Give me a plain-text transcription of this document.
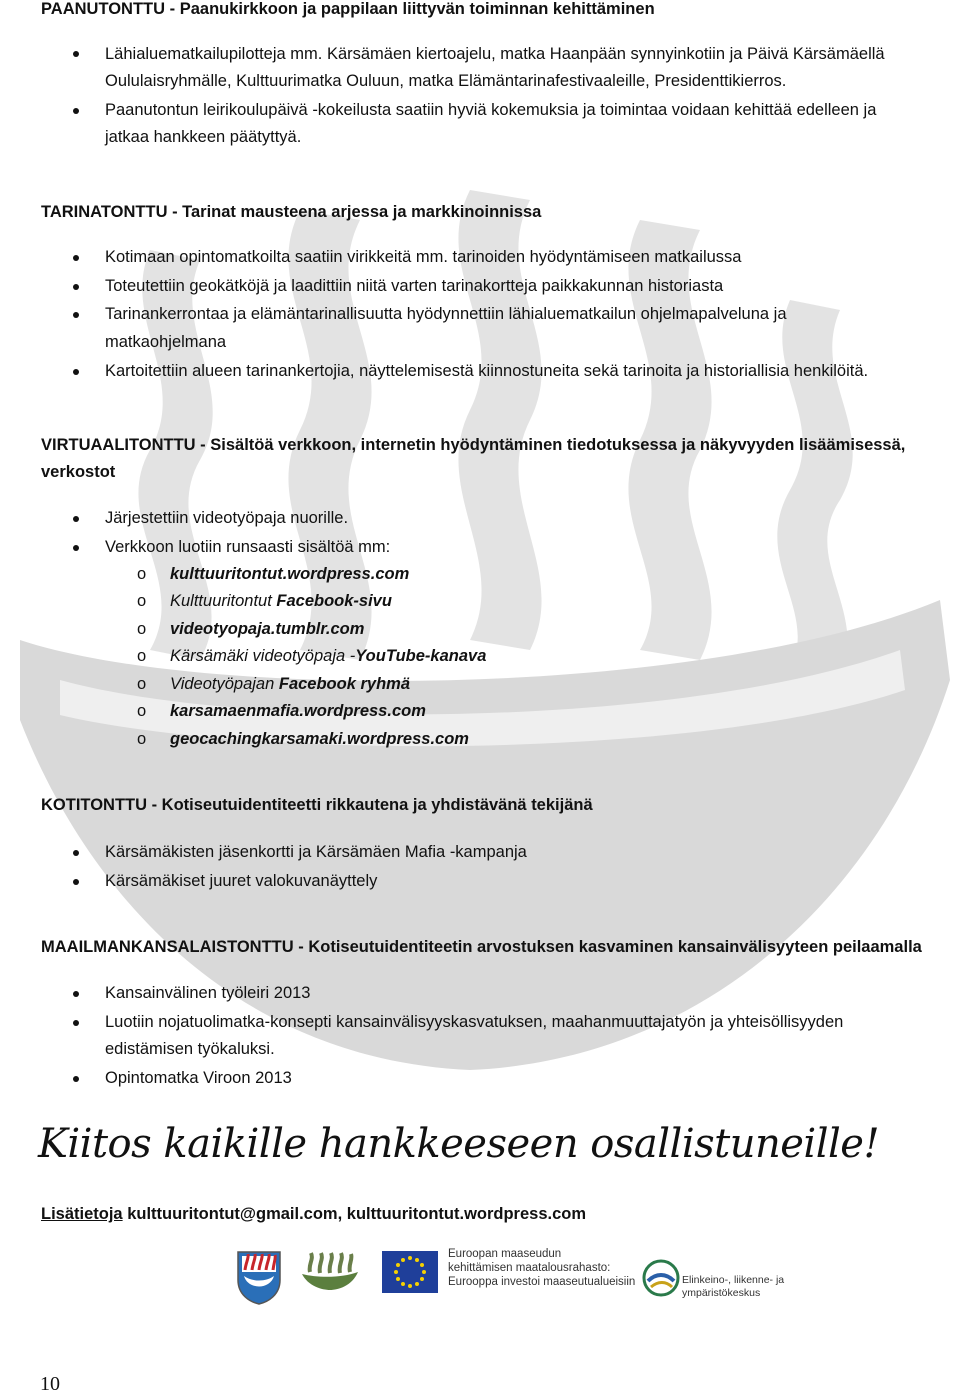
PAANUTONTTU - Paanukirkkoon ja pappilaan liittyvän toiminnan kehittäminen
Lähialuematkailupilotteja mm. Kärsämäen kiertoajelu, matka Haanpään synnyinkotiin ja Päivä Kärsämäellä
Oululaisryhmälle, Kulttuurimatka Ouluun, matka Elämäntarinafestivaaleille, Presidenttikierros.
Paanutontun leirikoulupäivä -kokeilusta saatiin hyviä kokemuksia ja toimintaa voidaan kehittää edelleen ja
jatkaa hankkeen päätyttyä.
TARINATONTTU - Tarinat mausteena arjessa ja markkinoinnissa
Kotimaan opintomatkoilta saatiin virikkeitä mm. tarinoiden hyödyntämiseen matkailussa
Toteutettiin geokätköjä ja laadittiin niitä varten tarinakortteja paikkakunnan historiasta
Tarinankerrontaa ja elämäntarinallisuutta hyödynnettiin lähialuematkailun ohjelmapalveluna ja
matkaohjelmana
Kartoitettiin alueen tarinankertojia, näyttelemisestä kiinnostuneita sekä tarinoita ja historiallisia henkilöitä.
VIRTUAALITONTTU - Sisältöä verkkoon, internetin hyödyntäminen tiedotuksessa ja näkyvyyden lisäämisessä,
verkostot
Järjestettiin videotyöpaja nuorille.
Verkkoon luotiin runsaasti sisältöä mm:
o kulttuuritontut.wordpress.com
o Kulttuuritontut Facebook-sivu
o videotyopaja.tumblr.com
o Kärsämäki videotyöpaja -YouTube-kanava
o Videotyöpajan Facebook ryhmä
o karsamaenmafia.wordpress.com
o geocachingkarsamaki.wordpress.com
KOTITONTTU - Kotiseutuidentiteetti rikkautena ja yhdistävänä tekijänä
Kärsämäkisten jäsenkortti ja Kärsämäen Mafia -kampanja
Kärsämäkiset juuret valokuvanäyttely
MAAILMANKANSALAISTONTTU - Kotiseutuidentiteetin arvostuksen kasvaminen kansainvälisyyteen peilaamalla
Kansainvälinen työleiri 2013
Luotiin nojatuolimatka-konsepti kansainvälisyyskasvatuksen, maahanmuuttajatyön ja yhteisöllisyyden
edistämisen työkaluksi.
Opintomatka Viroon 2013
Kiitos kaikille hankkeeseen osallistuneille!
Lisätietoja kulttuuritontut@gmail.com, kulttuuritontut.wordpress.com
Euroopan maaseudun
kehittämisen maatalousrahasto:
Eurooppa investoi maaseutualueisiin	Elinkeino-, liikenne- ja
ympäristökeskus
10
